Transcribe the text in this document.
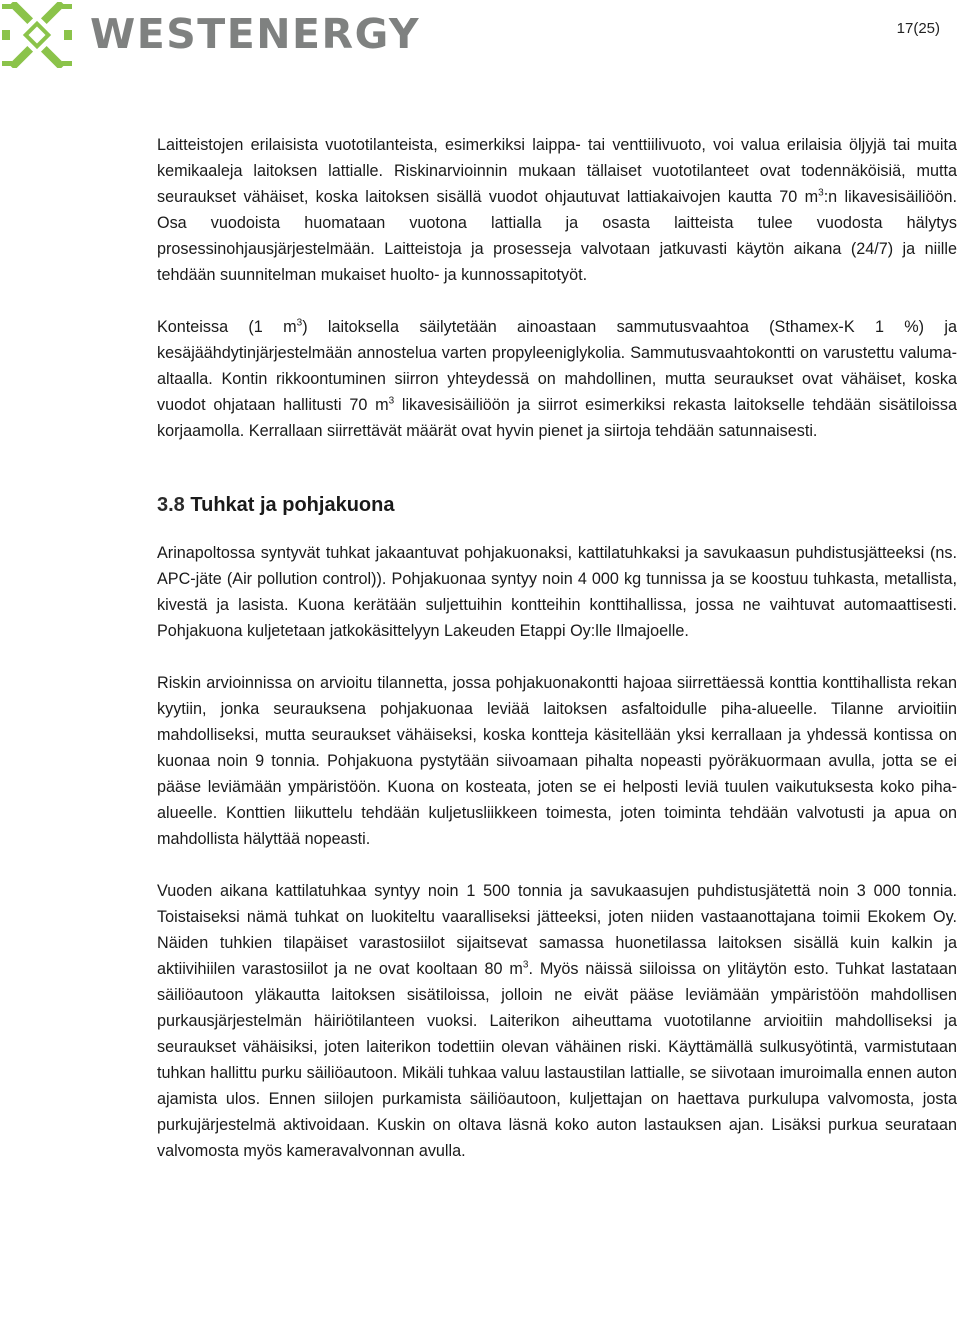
WESTENERGY	17(25)

Laitteistojen erilaisista vuototilanteista, esimerkiksi laippa- tai venttiilivuoto, voi valua erilaisia öljyjä tai muita kemikaaleja laitoksen lattialle. Riskinarvioinnin mukaan tällaiset vuototilanteet ovat todennäköisiä, mutta seuraukset vähäiset, koska laitoksen sisällä vuodot ohjautuvat lattiakaivojen kautta 70 $m^3:n$ likavesisäiliöön. Osa vuodoista huomataan vuotona lattialla ja osasta laitteista tulee vuodosta hälytys prosessinohjausjärjestelmään. Laitteistoja ja prosesseja valvotaan jatkuvasti käytön aikana (24/7) ja niille tehdään suunnitelman mukaiset huolto- ja kunnossapitotyöt.

Konteissa (1 $m^3$) laitoksella säilytetään ainoastaan sammutusvaahtoa (Sthamex-K 1 %) ja kesäjäähdytinjärjestelmään annostelua varten propyleeniglykolia. Sammutusvaahtokontti on varustettu valuma-altaalla. Kontin rikkoontuminen siirron yhteydessä on mahdollinen, mutta seuraukset ovat vähäiset, koska vuodot ohjataan hallitusti 70 $m^3$ likavesisäiliöön ja siirrot esimerkiksi rekasta laitokselle tehdään sisätiloissa korjaamolla. Kerrallaan siirrettävät määrät ovat hyvin pienet ja siirtoja tehdään satunnaisesti.

3.8 Tuhkat ja pohjakuona

Arinapoltossa syntyvät tuhkat jakaantuvat pohjakuonaksi, kattilatuhkaksi ja savukaasun puhdistusjätteeksi (ns. APC-jäte (Air pollution control)). Pohjakuonaa syntyy noin 4 000 kg tunnissa ja se koostuu tuhkasta, metallista, kivestä ja lasista. Kuona kerätään suljettuihin kontteihin konttihallissa, jossa ne vaihtuvat automaattisesti. Pohjakuona kuljetetaan jatkokäsittelyyn Lakeuden Etappi Oy:lle Ilmajoelle.

Riskin arvioinnissa on arvioitu tilannetta, jossa pohjakuonakontti hajoaa siirrettäessä konttia konttihallista rekan kyytiin, jonka seurauksena pohjakuonaa leviää laitoksen asfaltoidulle piha-alueelle. Tilanne arvioitiin mahdolliseksi, mutta seuraukset vähäiseksi, koska kontteja käsitellään yksi kerrallaan ja yhdessä kontissa on kuonaa noin 9 tonnia. Pohjakuona pystytään siivoamaan pihalta nopeasti pyöräkuormaan avulla, jotta se ei pääse leviämään ympäristöön. Kuona on kosteata, joten se ei helposti leviä tuulen vaikutuksesta koko piha-alueelle. Konttien liikuttelu tehdään kuljetusliikkeen toimesta, joten toiminta tehdään valvotusti ja apua on mahdollista hälyttää nopeasti.

Vuoden aikana kattilatuhkaa syntyy noin 1 500 tonnia ja savukaasujen puhdistusjätettä noin 3 000 tonnia. Toistaiseksi nämä tuhkat on luokiteltu vaaralliseksi jätteeksi, joten niiden vastaanottajana toimii Ekokem Oy. Näiden tuhkien tilapäiset varastosiilot sijaitsevat samassa huonetilassa laitoksen sisällä kuin kalkin ja aktiivihiilen varastosiilot ja ne ovat kooltaan 80 $m^3$. Myös näissä siiloissa on ylitäytön esto. Tuhkat lastataan säiliöautoon yläkautta laitoksen sisätiloissa, jolloin ne eivät pääse leviämään ympäristöön mahdollisen purkausjärjestelmän häiriötilanteen vuoksi. Laiterikon aiheuttama vuototilanne arvioitiin mahdolliseksi ja seuraukset vähäisiksi, joten laiterikon todettiin olevan vähäinen riski. Käyttämällä sulkusyötintä, varmistutaan tuhkan hallittu purku säiliöautoon. Mikäli tuhkaa valuu lastaustilan lattialle, se siivotaan imuroimalla ennen auton ajamista ulos. Ennen siilojen purkamista säiliöautoon, kuljettajan on haettava purkulupa valvomosta, josta purkujärjestelmä aktivoidaan. Kuskin on oltava läsnä koko auton lastauksen ajan. Lisäksi purkua seurataan valvomosta myös kameravalvonnan avulla.
